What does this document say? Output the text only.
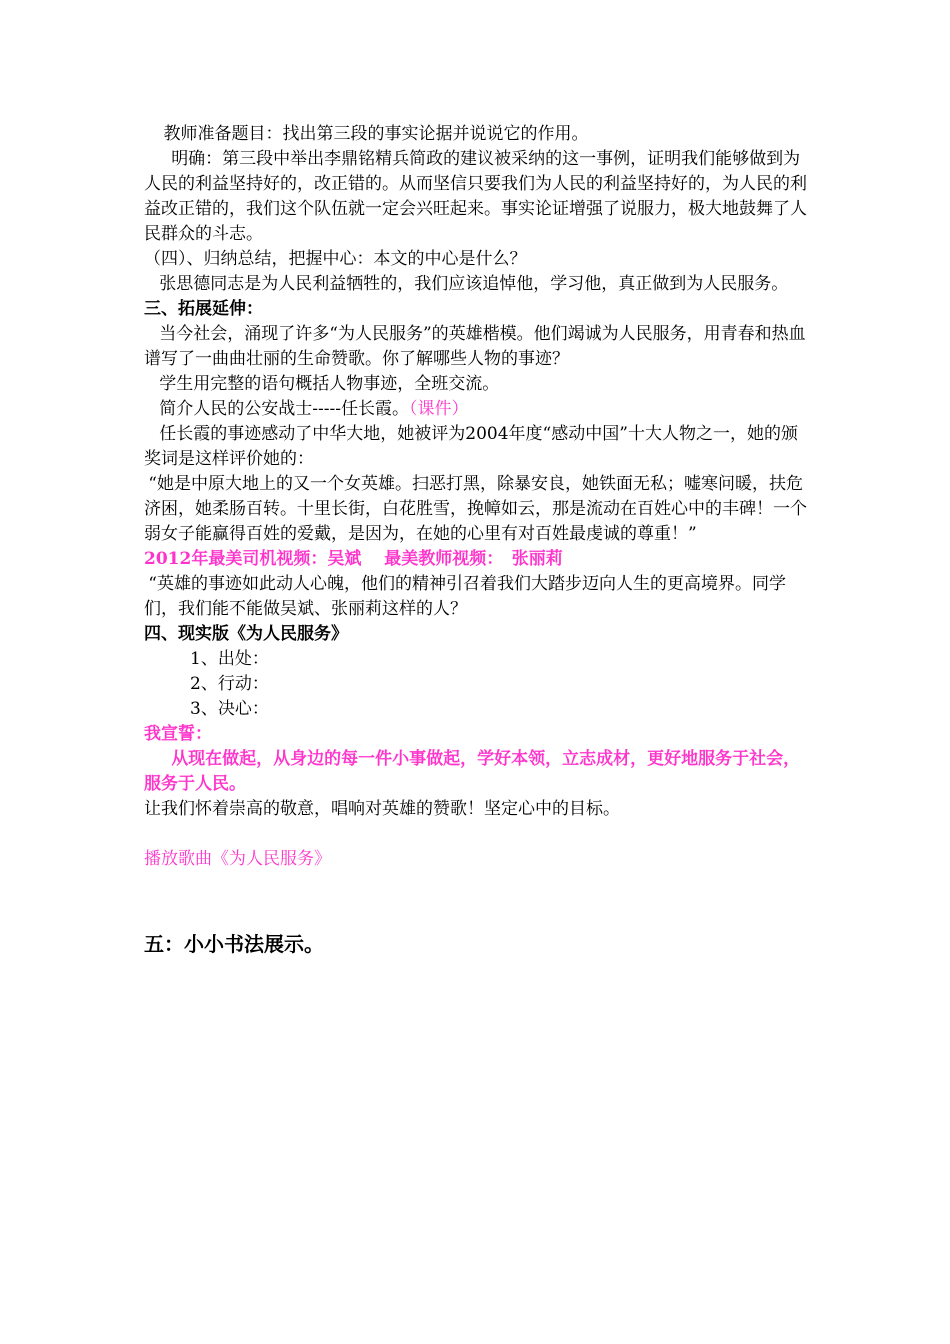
教师准备题目：找出第三段的事实论据并说说它的作用。

明确：第三段中举出李鼎铭精兵简政的建议被采纳的这一事例，证明我们能够做到为人民的利益坚持好的，改正错的。从而坚信只要我们为人民的利益坚持好的，为人民的利益改正错的，我们这个队伍就一定会兴旺起来。事实论证增强了说服力，极大地鼓舞了人民群众的斗志。

（四）、归纳总结，把握中心：本文的中心是什么？

张思德同志是为人民利益牺牲的，我们应该追悼他，学习他，真正做到为人民服务。

三、拓展延伸：

当今社会，涌现了许多“为人民服务”的英雄楷模。他们竭诚为人民服务，用青春和热血谱写了一曲曲壮丽的生命赞歌。你了解哪些人物的事迹？

学生用完整的语句概括人物事迹，全班交流。

简介人民的公安战士-----任长霞。（课件）

任长霞的事迹感动了中华大地，她被评为2004年度“感动中国”十大人物之一，她的颁奖词是这样评价她的：

“她是中原大地上的又一个女英雄。扫恶打黑，除暴安良，她铁面无私；嘘寒问暖，扶危济困，她柔肠百转。十里长街，白花胜雪，挽幛如云，那是流动在百姓心中的丰碑！一个弱女子能赢得百姓的爱戴，是因为，在她的心里有对百姓最虔诚的尊重！”

2012年最美司机视频：吴斌　 最美教师视频：　张丽莉

“英雄的事迹如此动人心魄，他们的精神引召着我们大踏步迈向人生的更高境界。同学们，我们能不能做吴斌、张丽莉这样的人？

四、现实版《为人民服务》

1、出处：

2、行动：

3、决心：

我宣誓：

从现在做起，从身边的每一件小事做起，学好本领，立志成材，更好地服务于社会，服务于人民。

让我们怀着崇高的敬意，唱响对英雄的赞歌！坚定心中的目标。

播放歌曲《为人民服务》

五：小小书法展示。
